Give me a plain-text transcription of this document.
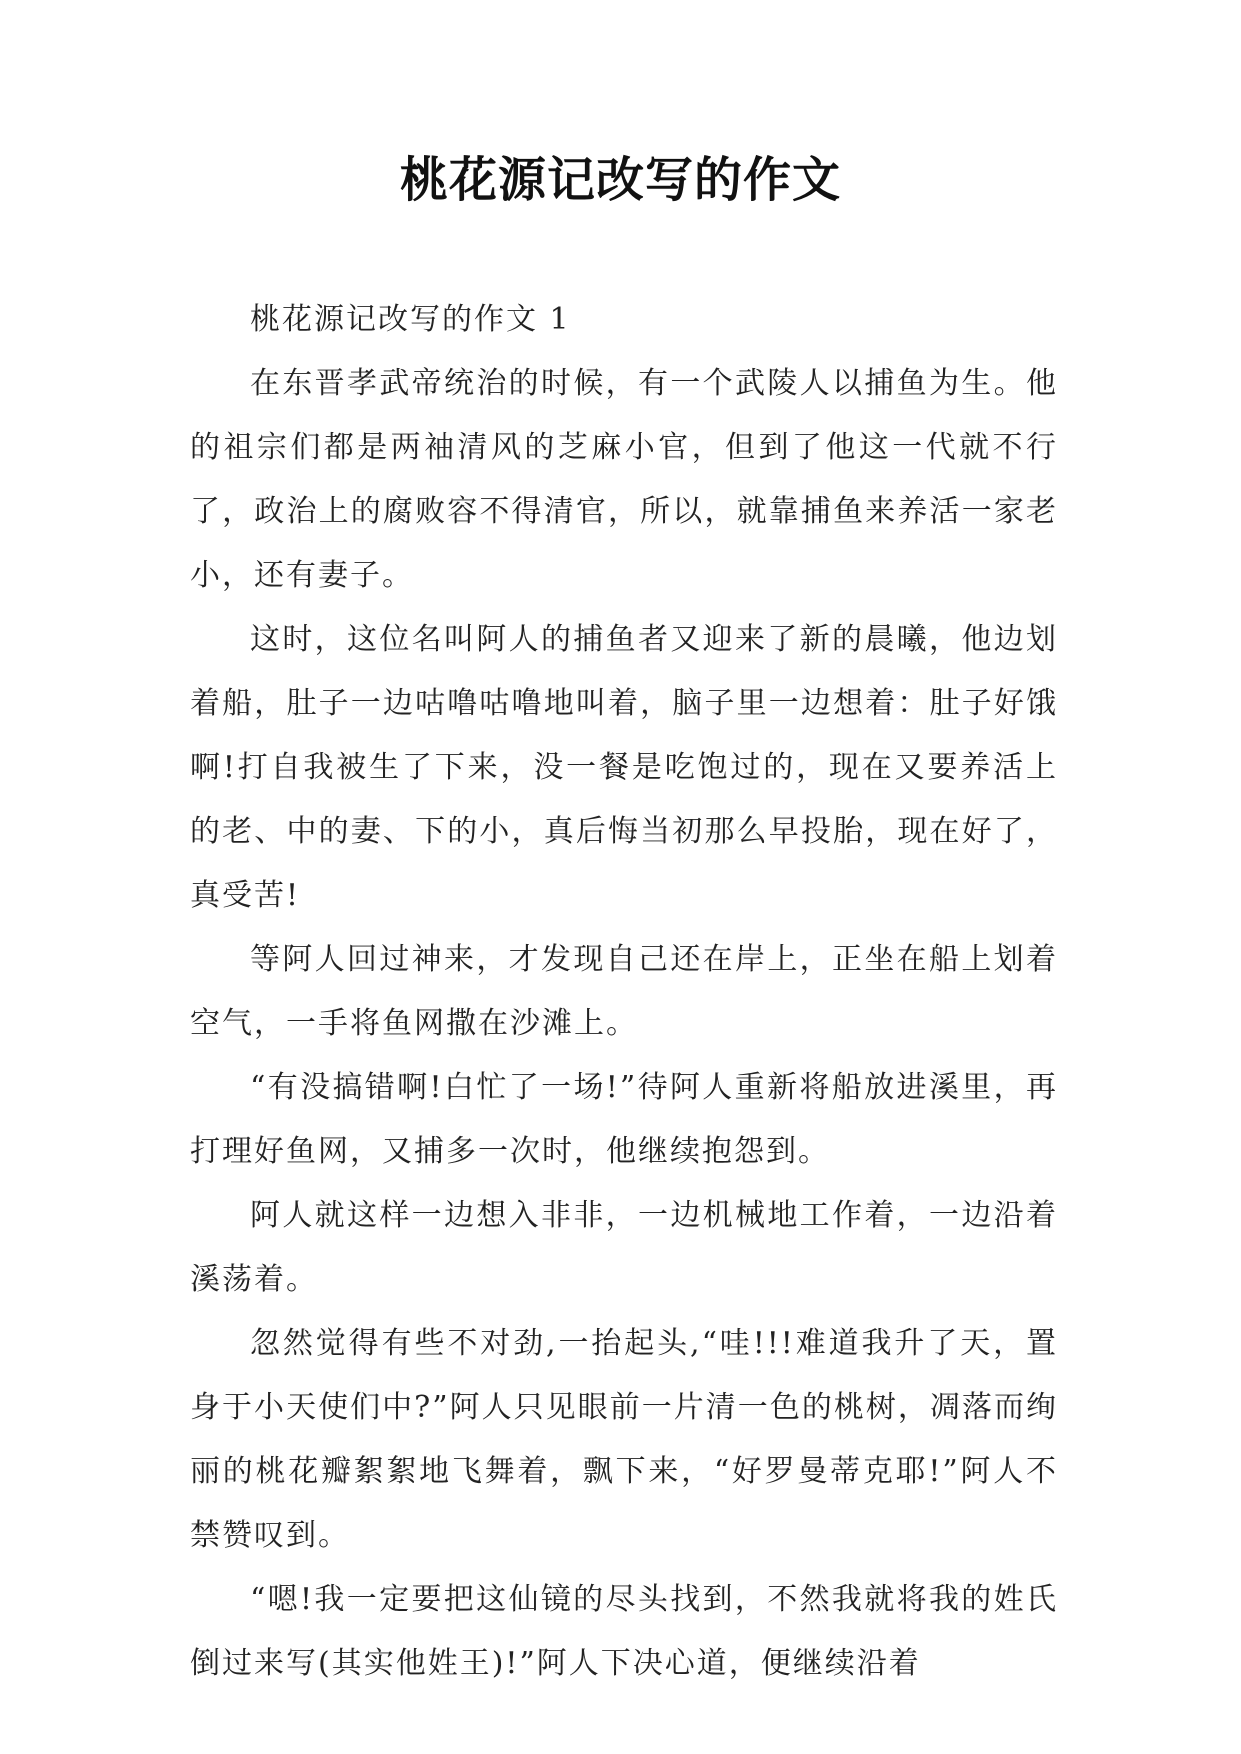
桃花源记改写的作文

桃花源记改写的作文 1

在东晋孝武帝统治的时候，有一个武陵人以捕鱼为生。他的祖宗们都是两袖清风的芝麻小官，但到了他这一代就不行了，政治上的腐败容不得清官，所以，就靠捕鱼来养活一家老小，还有妻子。

这时，这位名叫阿人的捕鱼者又迎来了新的晨曦，他边划着船，肚子一边咕噜咕噜地叫着，脑子里一边想着：肚子好饿啊!打自我被生了下来，没一餐是吃饱过的，现在又要养活上的老、中的妻、下的小，真后悔当初那么早投胎，现在好了，真受苦!

等阿人回过神来，才发现自己还在岸上，正坐在船上划着空气，一手将鱼网撒在沙滩上。

“有没搞错啊!白忙了一场!”待阿人重新将船放进溪里，再打理好鱼网，又捕多一次时，他继续抱怨到。

阿人就这样一边想入非非，一边机械地工作着，一边沿着溪荡着。

忽然觉得有些不对劲,一抬起头,“哇!!!难道我升了天，置身于小天使们中?”阿人只见眼前一片清一色的桃树，凋落而绚丽的桃花瓣絮絮地飞舞着，飘下来，“好罗曼蒂克耶!”阿人不禁赞叹到。

“嗯!我一定要把这仙镜的尽头找到，不然我就将我的姓氏倒过来写(其实他姓王)!”阿人下决心道，便继续沿着
